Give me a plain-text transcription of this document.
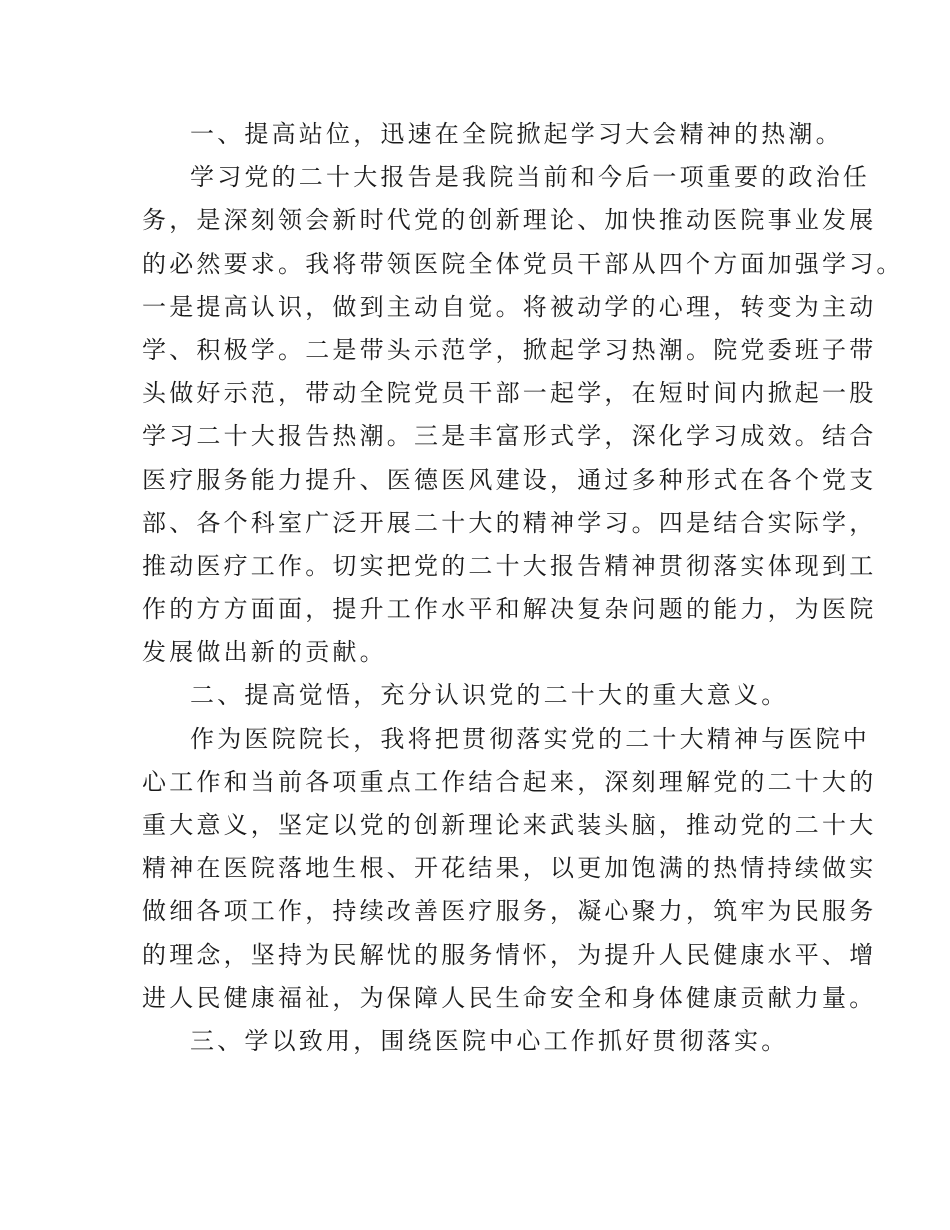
一、提高站位，迅速在全院掀起学习大会精神的热潮。
学习党的二十大报告是我院当前和今后一项重要的政治任
务，是深刻领会新时代党的创新理论、加快推动医院事业发展
的必然要求。我将带领医院全体党员干部从四个方面加强学习。
一是提高认识，做到主动自觉。将被动学的心理，转变为主动
学、积极学。二是带头示范学，掀起学习热潮。院党委班子带
头做好示范，带动全院党员干部一起学，在短时间内掀起一股
学习二十大报告热潮。三是丰富形式学，深化学习成效。结合
医疗服务能力提升、医德医风建设，通过多种形式在各个党支
部、各个科室广泛开展二十大的精神学习。四是结合实际学，
推动医疗工作。切实把党的二十大报告精神贯彻落实体现到工
作的方方面面，提升工作水平和解决复杂问题的能力，为医院
发展做出新的贡献。
二、提高觉悟，充分认识党的二十大的重大意义。
作为医院院长，我将把贯彻落实党的二十大精神与医院中
心工作和当前各项重点工作结合起来，深刻理解党的二十大的
重大意义，坚定以党的创新理论来武装头脑，推动党的二十大
精神在医院落地生根、开花结果，以更加饱满的热情持续做实
做细各项工作，持续改善医疗服务，凝心聚力，筑牢为民服务
的理念，坚持为民解忧的服务情怀，为提升人民健康水平、增
进人民健康福祉，为保障人民生命安全和身体健康贡献力量。
三、学以致用，围绕医院中心工作抓好贯彻落实。
